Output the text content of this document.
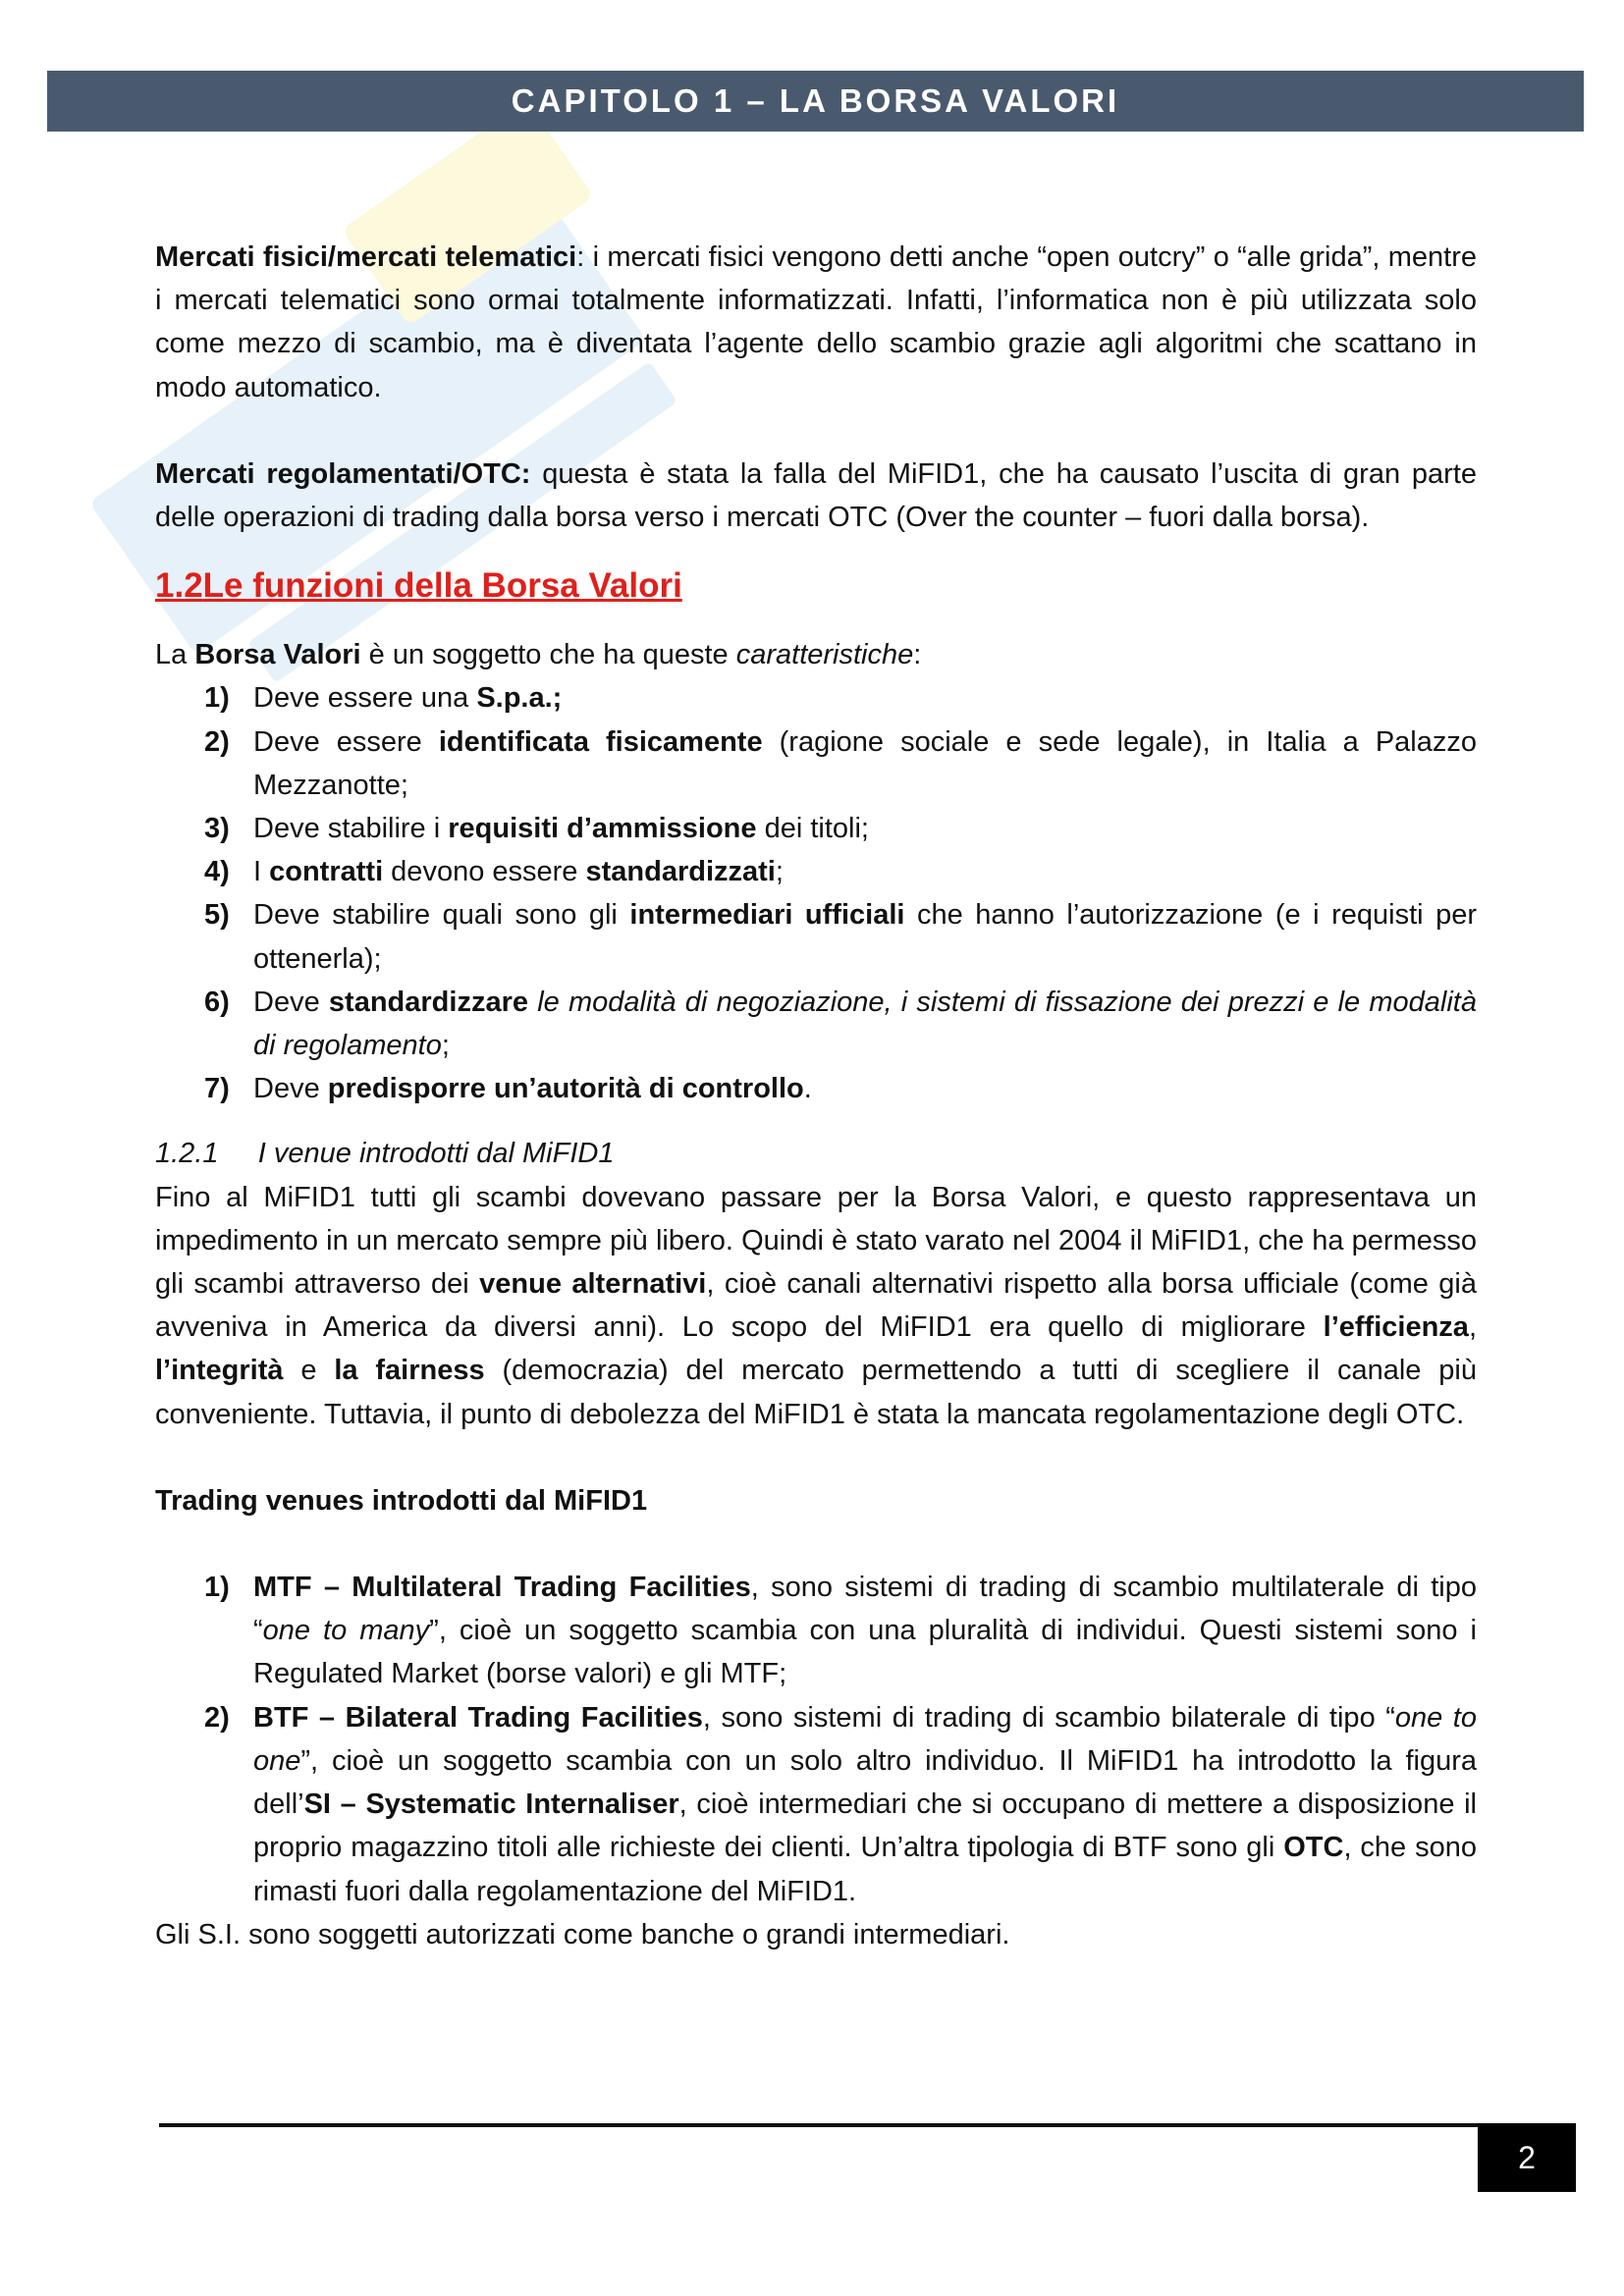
CAPITOLO 1 – LA BORSA VALORI

Mercati fisici/mercati telematici: i mercati fisici vengono detti anche “open outcry” o “alle grida”, mentre i mercati telematici sono ormai totalmente informatizzati. Infatti, l’informatica non è più utilizzata solo come mezzo di scambio, ma è diventata l’agente dello scambio grazie agli algoritmi che scattano in modo automatico.

Mercati regolamentati/OTC: questa è stata la falla del MiFID1, che ha causato l’uscita di gran parte delle operazioni di trading dalla borsa verso i mercati OTC (Over the counter – fuori dalla borsa).

1.2Le funzioni della Borsa Valori

La Borsa Valori è un soggetto che ha queste caratteristiche:

1) Deve essere una S.p.a.;
2) Deve essere identificata fisicamente (ragione sociale e sede legale), in Italia a Palazzo Mezzanotte;
3) Deve stabilire i requisiti d’ammissione dei titoli;
4) I contratti devono essere standardizzati;
5) Deve stabilire quali sono gli intermediari ufficiali che hanno l’autorizzazione (e i requisti per ottenerla);
6) Deve standardizzare le modalità di negoziazione, i sistemi di fissazione dei prezzi e le modalità di regolamento;
7) Deve predisporre un’autorità di controllo.

1.2.1 I venue introdotti dal MiFID1

Fino al MiFID1 tutti gli scambi dovevano passare per la Borsa Valori, e questo rappresentava un impedimento in un mercato sempre più libero. Quindi è stato varato nel 2004 il MiFID1, che ha permesso gli scambi attraverso dei venue alternativi, cioè canali alternativi rispetto alla borsa ufficiale (come già avveniva in America da diversi anni). Lo scopo del MiFID1 era quello di migliorare l’efficienza, l’integrità e la fairness (democrazia) del mercato permettendo a tutti di scegliere il canale più conveniente. Tuttavia, il punto di debolezza del MiFID1 è stata la mancata regolamentazione degli OTC.

Trading venues introdotti dal MiFID1

1) MTF – Multilateral Trading Facilities, sono sistemi di trading di scambio multilaterale di tipo “one to many”, cioè un soggetto scambia con una pluralità di individui. Questi sistemi sono i Regulated Market (borse valori) e gli MTF;
2) BTF – Bilateral Trading Facilities, sono sistemi di trading di scambio bilaterale di tipo “one to one”, cioè un soggetto scambia con un solo altro individuo. Il MiFID1 ha introdotto la figura dell’SI – Systematic Internaliser, cioè intermediari che si occupano di mettere a disposizione il proprio magazzino titoli alle richieste dei clienti. Un’altra tipologia di BTF sono gli OTC, che sono rimasti fuori dalla regolamentazione del MiFID1.

Gli S.I. sono soggetti autorizzati come banche o grandi intermediari.

2
